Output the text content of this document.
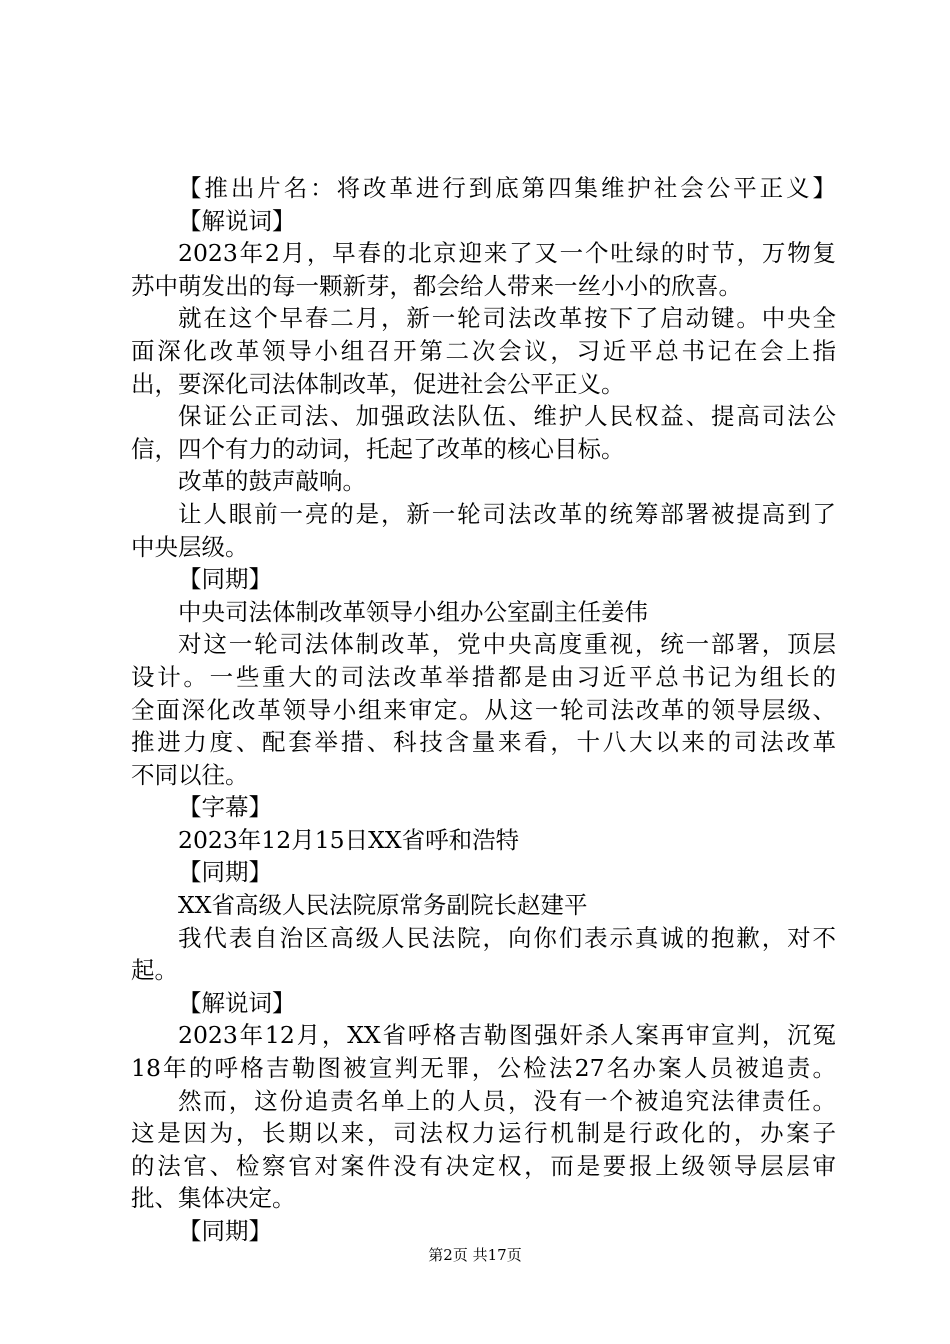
【推出片名：将改革进行到底第四集维护社会公平正义】
【解说词】
2023年2月，早春的北京迎来了又一个吐绿的时节，万物复
苏中萌发出的每一颗新芽，都会给人带来一丝小小的欣喜。
就在这个早春二月，新一轮司法改革按下了启动键。中央全
面深化改革领导小组召开第二次会议，习近平总书记在会上指
出，要深化司法体制改革，促进社会公平正义。
保证公正司法、加强政法队伍、维护人民权益、提高司法公
信，四个有力的动词，托起了改革的核心目标。
改革的鼓声敲响。
让人眼前一亮的是，新一轮司法改革的统筹部署被提高到了
中央层级。
【同期】
中央司法体制改革领导小组办公室副主任姜伟
对这一轮司法体制改革，党中央高度重视，统一部署，顶层
设计。一些重大的司法改革举措都是由习近平总书记为组长的
全面深化改革领导小组来审定。从这一轮司法改革的领导层级、
推进力度、配套举措、科技含量来看，十八大以来的司法改革
不同以往。
【字幕】
2023年12月15日XX省呼和浩特
【同期】
XX省高级人民法院原常务副院长赵建平
我代表自治区高级人民法院，向你们表示真诚的抱歉，对不
起。
【解说词】
2023年12月，XX省呼格吉勒图强奸杀人案再审宣判，沉冤
18年的呼格吉勒图被宣判无罪，公检法27名办案人员被追责。
然而，这份追责名单上的人员，没有一个被追究法律责任。
这是因为，长期以来，司法权力运行机制是行政化的，办案子
的法官、检察官对案件没有决定权，而是要报上级领导层层审
批、集体决定。
【同期】
第2页 共17页
